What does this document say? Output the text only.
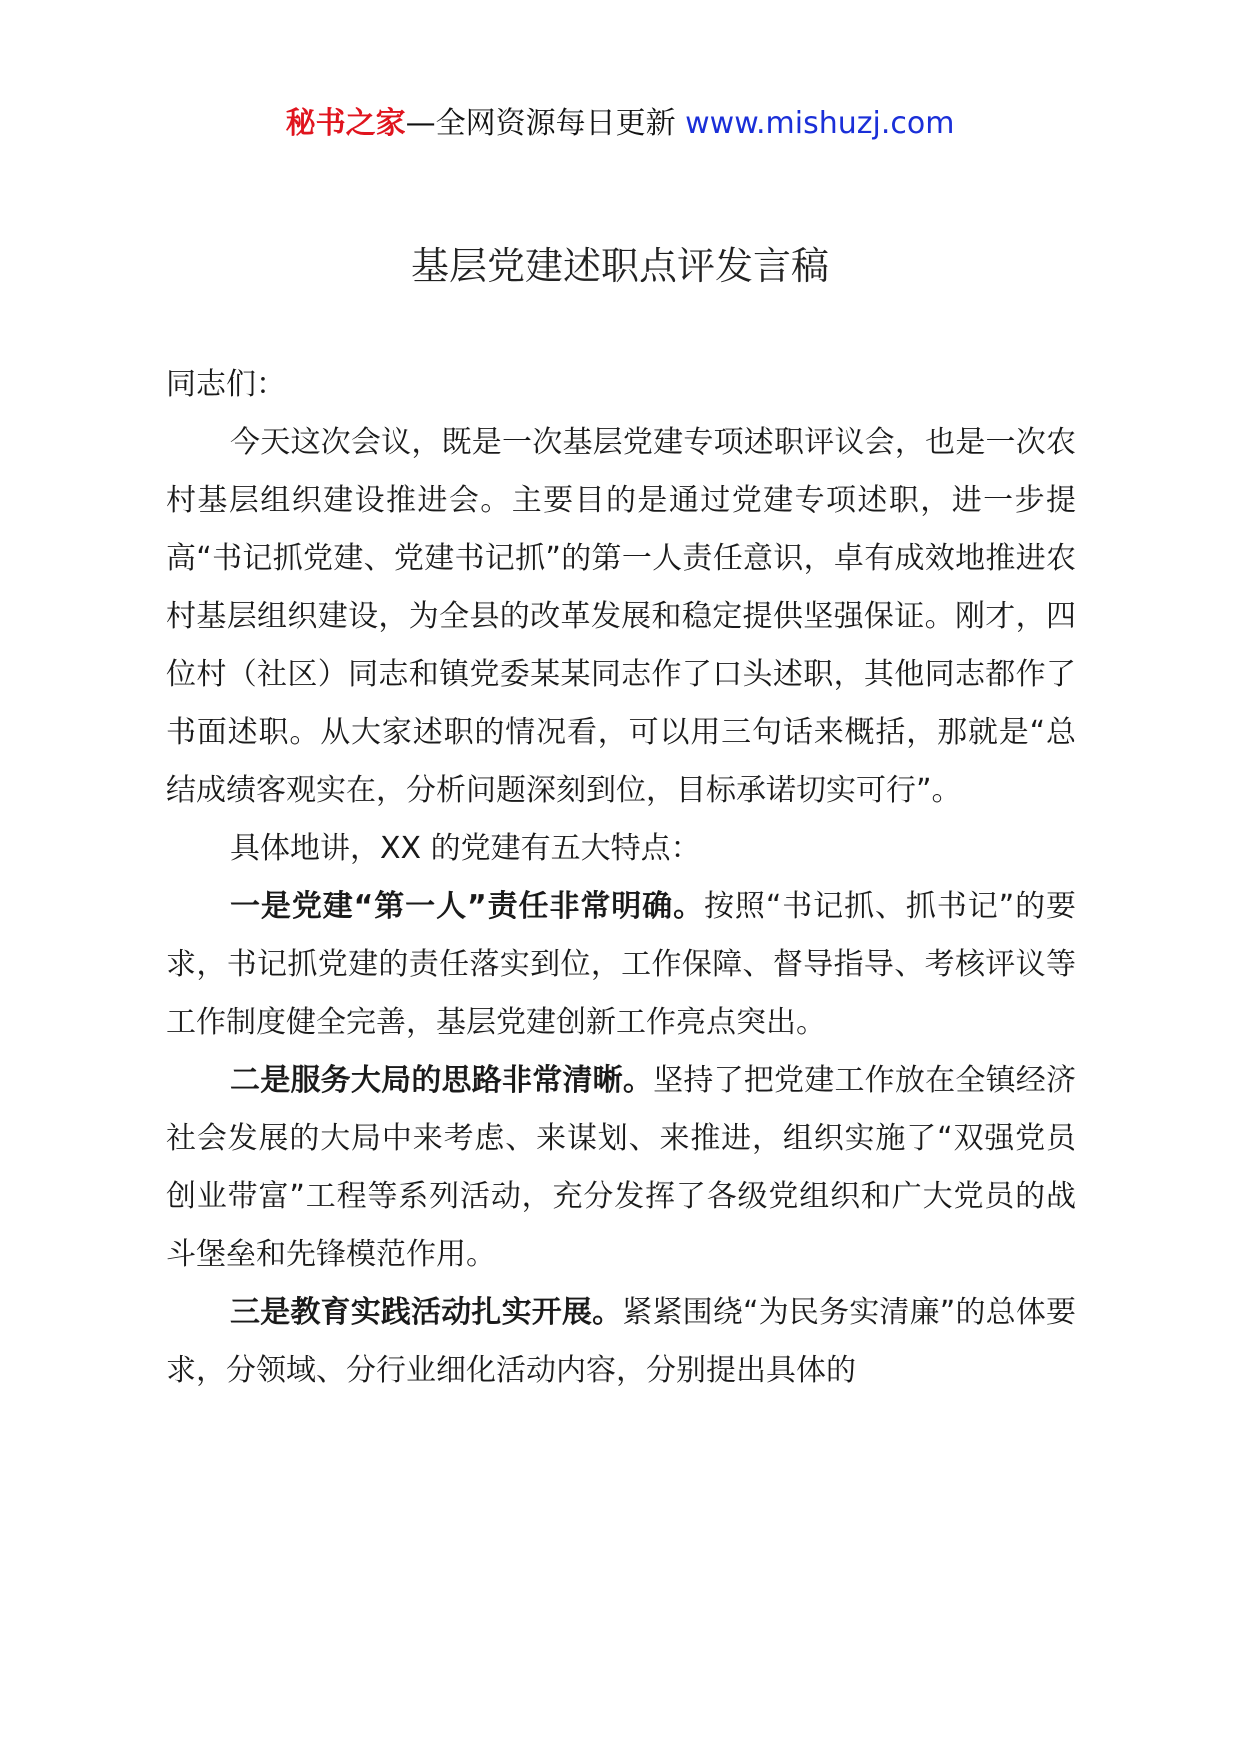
秘书之家—全网资源每日更新 www.mishuzj.com
基层党建述职点评发言稿

同志们：

今天这次会议，既是一次基层党建专项述职评议会，也是一次农村基层组织建设推进会。主要目的是通过党建专项述职，进一步提高“书记抓党建、党建书记抓”的第一人责任意识，卓有成效地推进农村基层组织建设，为全县的改革发展和稳定提供坚强保证。刚才，四位村（社区）同志和镇党委某某同志作了口头述职，其他同志都作了书面述职。从大家述职的情况看，可以用三句话来概括，那就是“总结成绩客观实在，分析问题深刻到位，目标承诺切实可行”。

具体地讲，XX 的党建有五大特点：

一是党建“第一人”责任非常明确。按照“书记抓、抓书记”的要求，书记抓党建的责任落实到位，工作保障、督导指导、考核评议等工作制度健全完善，基层党建创新工作亮点突出。

二是服务大局的思路非常清晰。坚持了把党建工作放在全镇经济社会发展的大局中来考虑、来谋划、来推进，组织实施了“双强党员创业带富”工程等系列活动，充分发挥了各级党组织和广大党员的战斗堡垒和先锋模范作用。

三是教育实践活动扎实开展。紧紧围绕“为民务实清廉”的总体要求，分领域、分行业细化活动内容，分别提出具体的
